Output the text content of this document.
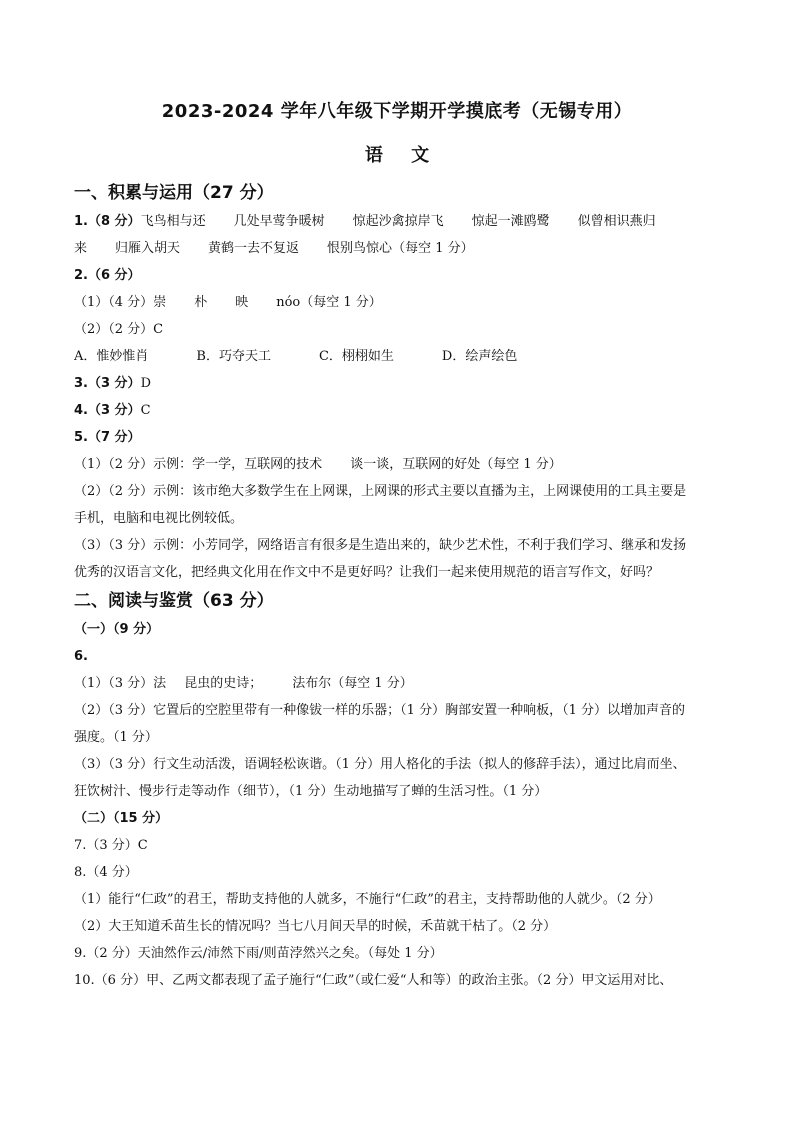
2023-2024 学年八年级下学期开学摸底考（无锡专用）
语 文

一、积累与运用（27 分）

1.（8 分）飞鸟相与还 几处早莺争暖树 惊起沙禽掠岸飞 惊起一滩鸥鹭 似曾相识燕归

来 归雁入胡天 黄鹤一去不复返 恨别鸟惊心（每空 1 分）

2.（6 分）

（1）（4 分）崇 朴 映 nóo（每空 1 分）

（2）（2 分）C

A．惟妙惟肖	B．巧夺天工	C．栩栩如生	D．绘声绘色

3.（3 分）D

4.（3 分）C

5.（7 分）

（1）（2 分）示例：学一学，互联网的技术 谈一谈，互联网的好处（每空 1 分）

（2）（2 分）示例：该市绝大多数学生在上网课，上网课的形式主要以直播为主，上网课使用的工具主要是

手机，电脑和电视比例较低。

（3）（3 分）示例：小芳同学，网络语言有很多是生造出来的，缺少艺术性，不利于我们学习、继承和发扬

优秀的汉语言文化，把经典文化用在作文中不是更好吗？让我们一起来使用规范的语言写作文，好吗？

二、阅读与鉴赏（63 分）

（一）（9 分）

6.

（1）（3 分）法 昆虫的史诗； 法布尔（每空 1 分）

（2）（3 分）它置后的空腔里带有一种像钹一样的乐器；（1 分）胸部安置一种响板，（1 分）以增加声音的

强度。（1 分）

（3）（3 分）行文生动活泼，语调轻松诙谐。（1 分）用人格化的手法（拟人的修辞手法），通过比肩而坐、

狂饮树汁、慢步行走等动作（细节），（1 分）生动地描写了蝉的生活习性。（1 分）

（二）（15 分）

7.（3 分）C

8.（4 分）

（1）能行“仁政”的君王，帮助支持他的人就多，不施行“仁政”的君主，支持帮助他的人就少。（2 分）

（2）大王知道禾苗生长的情况吗？当七八月间天旱的时候，禾苗就干枯了。（2 分）

9.（2 分）天油然作云/沛然下雨/则苗浡然兴之矣。（每处 1 分）

10.（6 分）甲、乙两文都表现了孟子施行“仁政”（或仁爱“人和等）的政治主张。（2 分）甲文运用对比、
